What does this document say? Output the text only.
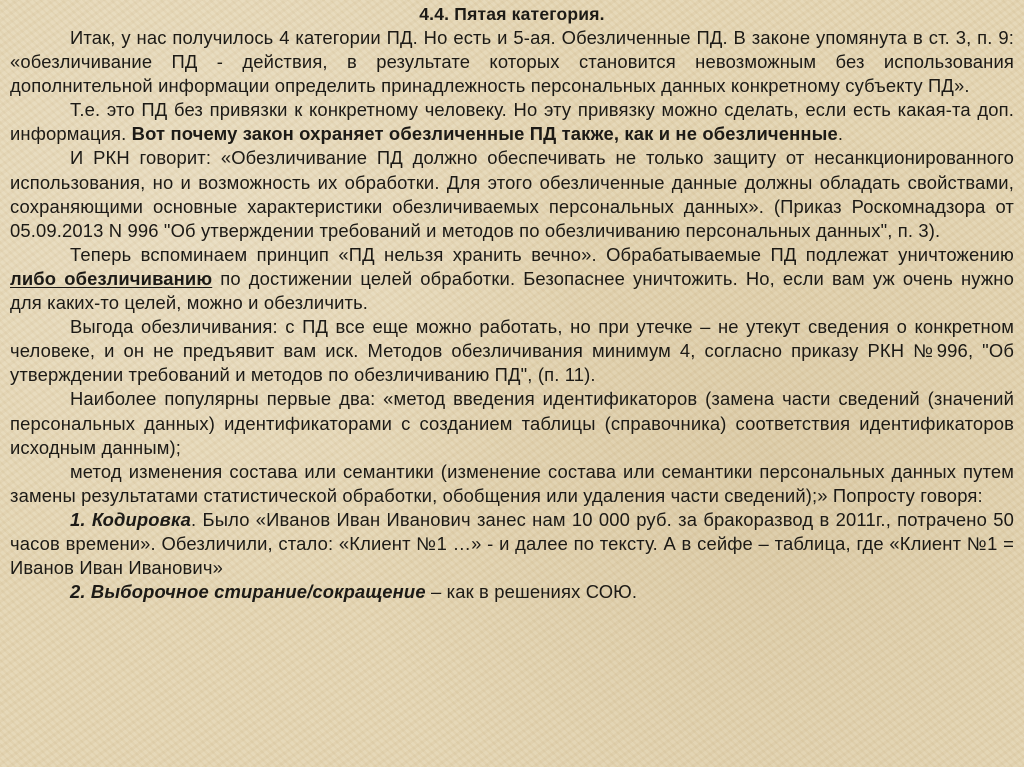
4.4. Пятая категория.

Итак, у нас получилось 4 категории ПД. Но есть и 5-ая. Обезличенные ПД. В законе упомянута в ст. 3, п. 9: «обезличивание ПД - действия, в результате которых становится невозможным без использования дополнительной информации определить принадлежность персональных данных конкретному субъекту ПД».

Т.е. это ПД без привязки к конкретному человеку. Но эту привязку можно сделать, если есть какая-та доп. информация. Вот почему закон охраняет обезличенные ПД также, как и не обезличенные.

И РКН говорит: «Обезличивание ПД должно обеспечивать не только защиту от несанкционированного использования, но и возможность их обработки. Для этого обезличенные данные должны обладать свойствами, сохраняющими основные характеристики обезличиваемых персональных данных». (Приказ Роскомнадзора от 05.09.2013 N 996 "Об утверждении требований и методов по обезличиванию персональных данных", п. 3).

Теперь вспоминаем принцип «ПД нельзя хранить вечно». Обрабатываемые ПД подлежат уничтожению либо обезличиванию по достижении целей обработки. Безопаснее уничтожить. Но, если вам уж очень нужно для каких-то целей, можно и обезличить.

Выгода обезличивания: с ПД все еще можно работать, но при утечке – не утекут сведения о конкретном человеке, и он не предъявит вам иск. Методов обезличивания минимум 4, согласно приказу РКН №996, "Об утверждении требований и методов по обезличиванию ПД", (п. 11).

Наиболее популярны первые два: «метод введения идентификаторов (замена части сведений (значений персональных данных) идентификаторами с созданием таблицы (справочника) соответствия идентификаторов исходным данным);

метод изменения состава или семантики (изменение состава или семантики персональных данных путем замены результатами статистической обработки, обобщения или удаления части сведений);» Попросту говоря:

1. Кодировка. Было «Иванов Иван Иванович занес нам 10 000 руб. за бракоразвод в 2011г., потрачено 50 часов времени». Обезличили, стало: «Клиент №1 …» - и далее по тексту. А в сейфе – таблица, где «Клиент №1 = Иванов Иван Иванович»

2. Выборочное стирание/сокращение – как в решениях СОЮ.
